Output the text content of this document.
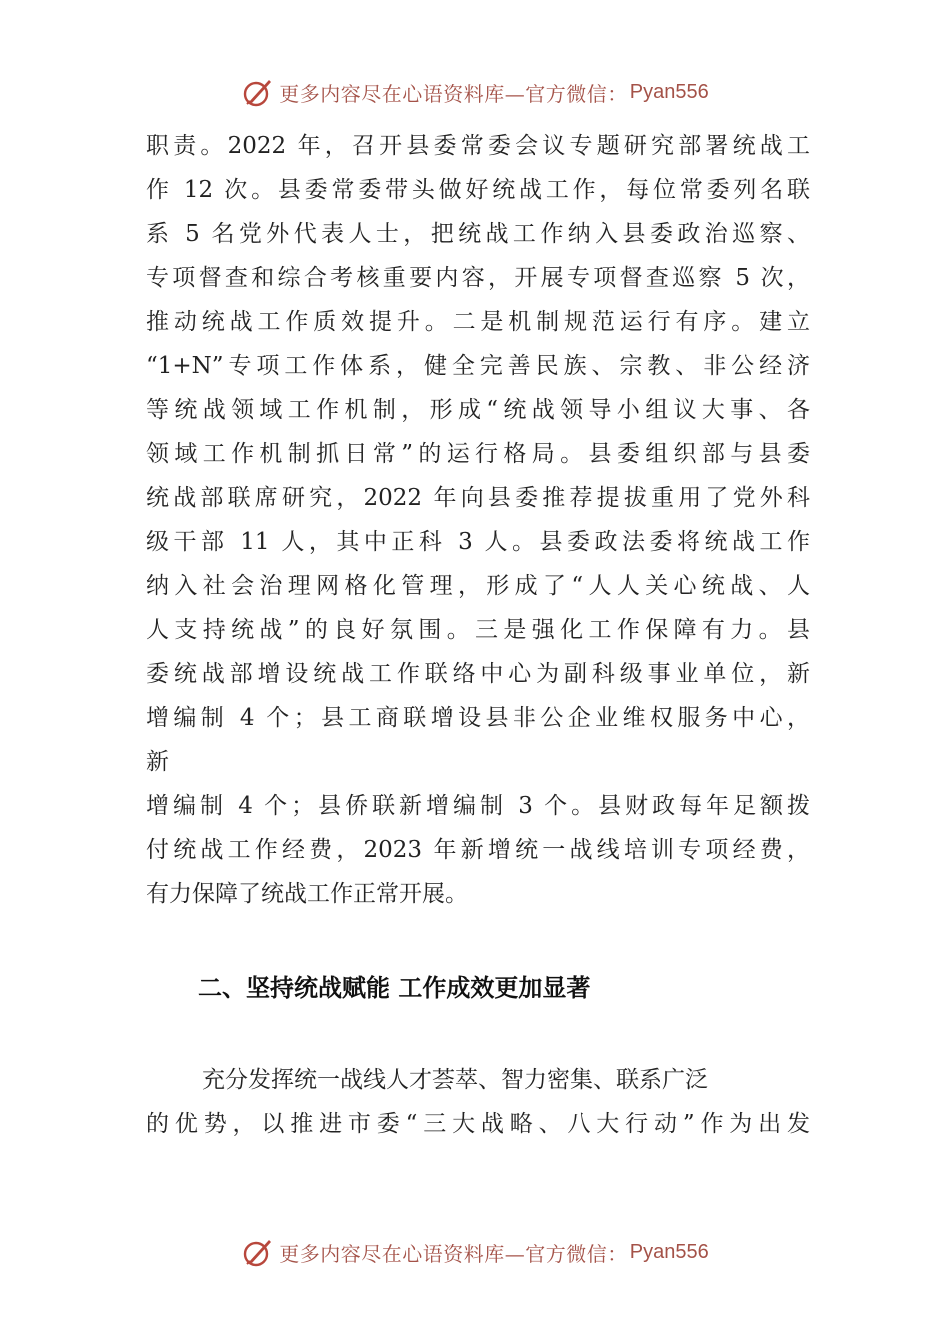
更多内容尽在心语资料库—官方微信： Pyan556
职责。2022 年，召开县委常委会议专题研究部署统战工
作 12 次。县委常委带头做好统战工作，每位常委列名联
系 5 名党外代表人士，把统战工作纳入县委政治巡察、
专项督查和综合考核重要内容，开展专项督查巡察 5 次，
推动统战工作质效提升。二是机制规范运行有序。建立
“1+N”专项工作体系，健全完善民族、宗教、非公经济
等统战领域工作机制，形成“统战领导小组议大事、各
领域工作机制抓日常”的运行格局。县委组织部与县委
统战部联席研究，2022 年向县委推荐提拔重用了党外科
级干部 11 人，其中正科 3 人。县委政法委将统战工作
纳入社会治理网格化管理，形成了“人人关心统战、人
人支持统战”的良好氛围。三是强化工作保障有力。县
委统战部增设统战工作联络中心为副科级事业单位，新
增编制 4 个；县工商联增设县非公企业维权服务中心，
新
增编制 4 个；县侨联新增编制 3 个。县财政每年足额拨
付统战工作经费，2023 年新增统一战线培训专项经费，
有力保障了统战工作正常开展。
二、坚持统战赋能 工作成效更加显著
充分发挥统一战线人才荟萃、智力密集、联系广泛
的优势，以推进市委“三大战略、八大行动”作为出发
更多内容尽在心语资料库—官方微信： Pyan556
